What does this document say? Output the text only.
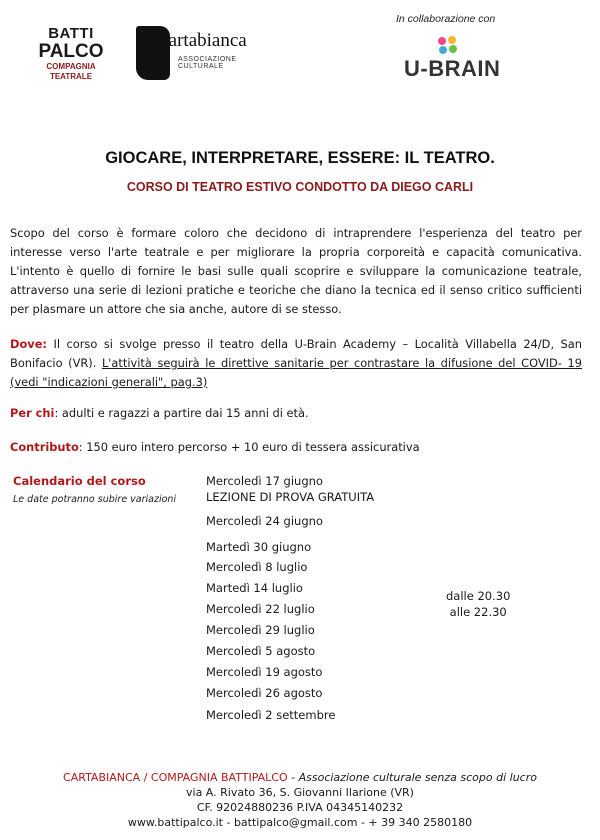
BATTI
PALCO
COMPAGNIA
TEATRALE
Cartabianca
ASSOCIAZIONE CULTURALE
In collaborazione con
U-BRAIN
GIOCARE, INTERPRETARE, ESSERE: IL TEATRO.
CORSO DI TEATRO ESTIVO CONDOTTO DA DIEGO CARLI
Scopo del corso è formare coloro che decidono di intraprendere l'esperienza del teatro per interesse verso l'arte teatrale e per migliorare la propria corporeità e capacità comunicativa. L'intento è quello di fornire le basi sulle quali scoprire e sviluppare la comunicazione teatrale, attraverso una serie di lezioni pratiche e teoriche che diano la tecnica ed il senso critico sufficienti per plasmare un attore che sia anche, autore di se stesso.
Dove: Il corso si svolge presso il teatro della U-Brain Academy – Località Villabella 24/D, San Bonifacio (VR). L'attività seguirà le direttive sanitarie per contrastare la difusione del COVID- 19 (vedi "indicazioni generali", pag.3)
Per chi: adulti e ragazzi a partire dai 15 anni di età.
Contributo: 150 euro intero percorso + 10 euro di tessera assicurativa
Calendario del corso
Le date potranno subire variazioni
Mercoledì 17 giugno
LEZIONE DI PROVA GRATUITA
Mercoledì 24 giugno
Martedì 30 giugno
Mercoledì 8 luglio
Martedì 14 luglio
Mercoledì 22 luglio
Mercoledì 29 luglio
Mercoledì 5 agosto
Mercoledì 19 agosto
Mercoledì 26 agosto
Mercoledì 2 settembre
dalle 20.30
alle 22.30
CARTABIANCA / COMPAGNIA BATTIPALCO - Associazione culturale senza scopo di lucro
via A. Rivato 36, S. Giovanni Ilarione (VR)
CF. 92024880236 P.IVA 04345140232
www.battipalco.it - battipalco@gmail.com - + 39 340 2580180
